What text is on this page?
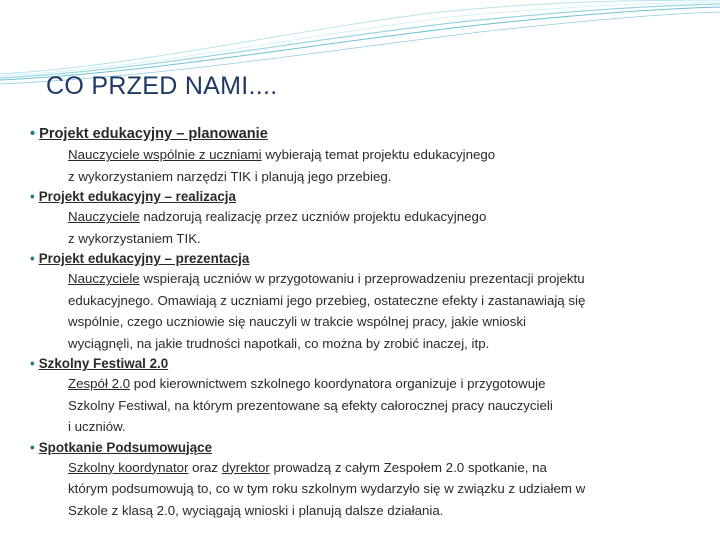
CO PRZED NAMI....
• Projekt edukacyjny – planowanie
Nauczyciele wspólnie z uczniami wybierają temat projektu edukacyjnego
z wykorzystaniem narzędzi TIK i planują jego przebieg.
• Projekt edukacyjny – realizacja
Nauczyciele nadzorują realizację przez uczniów projektu edukacyjnego
z wykorzystaniem TIK.
• Projekt edukacyjny – prezentacja
Nauczyciele wspierają uczniów w przygotowaniu i przeprowadzeniu prezentacji projektu
edukacyjnego. Omawiają z uczniami jego przebieg, ostateczne efekty i zastanawiają się
wspólnie, czego uczniowie się nauczyli w trakcie wspólnej pracy, jakie wnioski
wyciągnęli, na jakie trudności napotkali, co można by zrobić inaczej, itp.
• Szkolny Festiwal 2.0
Zespół 2.0 pod kierownictwem szkolnego koordynatora organizuje i przygotowuje
Szkolny Festiwal, na którym prezentowane są efekty całorocznej pracy nauczycieli
i uczniów.
• Spotkanie Podsumowujące
Szkolny koordynator oraz dyrektor prowadzą z całym Zespołem 2.0 spotkanie, na
którym podsumowują to, co w tym roku szkolnym wydarzyło się w związku z udziałem w
Szkole z klasą 2.0, wyciągają wnioski i planują dalsze działania.
